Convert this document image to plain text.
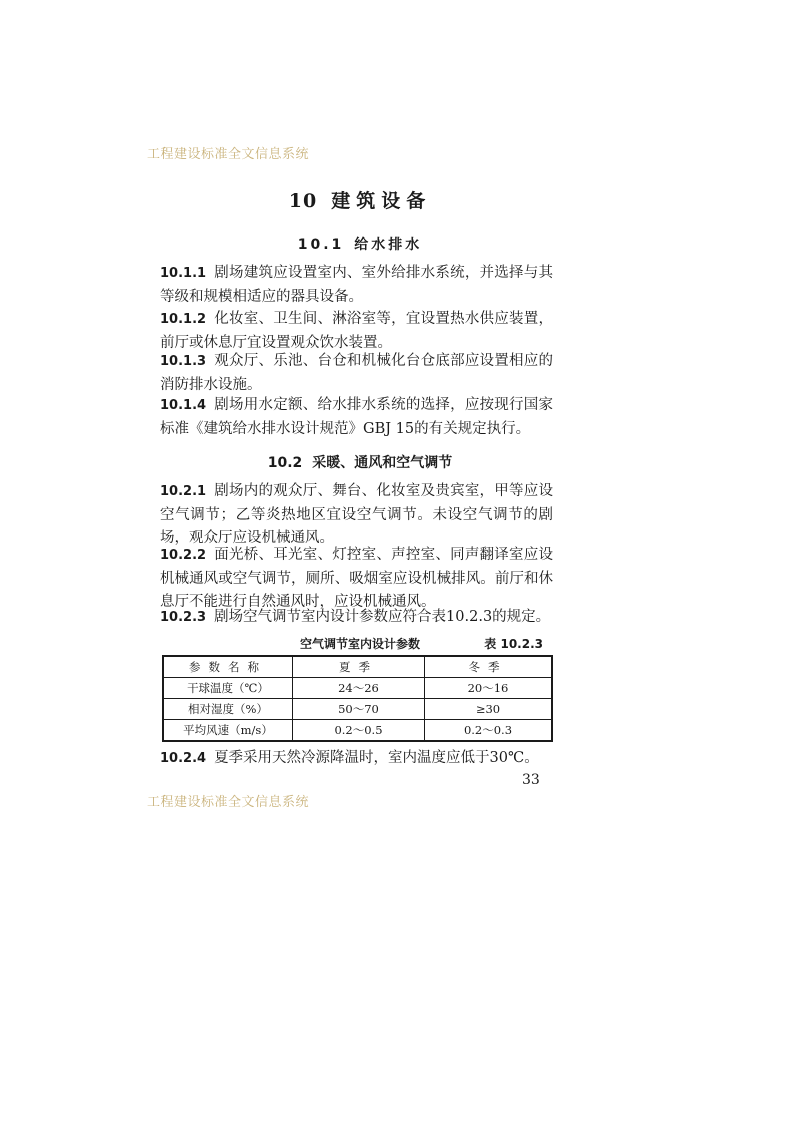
工程建设标准全文信息系统
10 建筑设备
10.1 给水排水
10.1.1 剧场建筑应设置室内、室外给排水系统，并选择与其等级和规模相适应的器具设备。
10.1.2 化妆室、卫生间、淋浴室等，宜设置热水供应装置，前厅或休息厅宜设置观众饮水装置。
10.1.3 观众厅、乐池、台仓和机械化台仓底部应设置相应的消防排水设施。
10.1.4 剧场用水定额、给水排水系统的选择，应按现行国家标准《建筑给水排水设计规范》GBJ 15的有关规定执行。
10.2 采暖、通风和空气调节
10.2.1 剧场内的观众厅、舞台、化妆室及贵宾室，甲等应设空气调节；乙等炎热地区宜设空气调节。未设空气调节的剧场，观众厅应设机械通风。
10.2.2 面光桥、耳光室、灯控室、声控室、同声翻译室应设机械通风或空气调节，厕所、吸烟室应设机械排风。前厅和休息厅不能进行自然通风时，应设机械通风。
10.2.3 剧场空气调节室内设计参数应符合表10.2.3的规定。
空气调节室内设计参数	表 10.2.3
参数名称	夏季	冬季
干球温度（℃）	24～26	20～16
相对湿度（%）	50～70	≥30
平均风速（m/s）	0.2～0.5	0.2～0.3
10.2.4 夏季采用天然冷源降温时，室内温度应低于30℃。
33
工程建设标准全文信息系统
